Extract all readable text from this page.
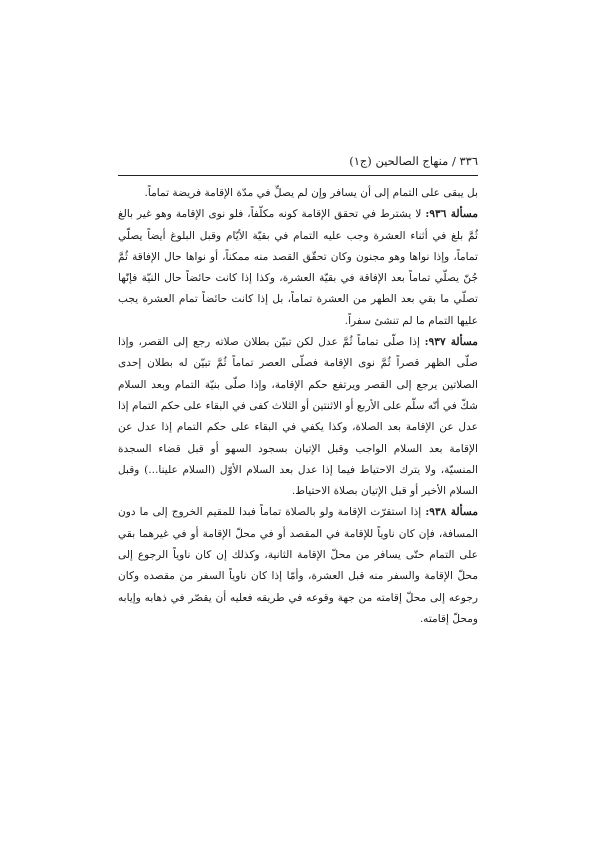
٣٣٦ / منهاج الصالحين (ج١)

بل يبقى على التمام إلى أن يسافر وإن لم يصلِّ في مدّة الإقامة فريضة تماماً.

مسألة ٩٣٦: لا يشترط في تحقق الإقامة كونه مكلّفاً، فلو نوى الإقامة وهو غير بالغ ثُمَّ بلغ في أثناء العشرة وجب عليه التمام في بقيّة الأيّام وقبل البلوغ أيضاً يصلّي تماماً، وإذا نواها وهو مجنون وكان تحقّق القصد منه ممكناً، أو نواها حال الإفاقة ثُمَّ جُنّ يصلّي تماماً بعد الإفاقة في بقيّة العشرة، وكذا إذا كانت حائضاً حال النيّة فإنّها تصلّي ما بقي بعد الطهر من العشرة تماماً، بل إذا كانت حائضاً تمام العشرة يجب عليها التمام ما لم تنشئ سفراً.

مسألة ٩٣٧: إذا صلّى تماماً ثُمَّ عدل لكن تبيّن بطلان صلاته رجع إلى القصر، وإذا صلّى الظهر قصراً ثُمَّ نوى الإقامة فصلّى العصر تماماً ثُمَّ تبيّن له بطلان إحدى الصلاتين يرجع إلى القصر ويرتفع حكم الإقامة، وإذا صلّى بنيّة التمام وبعد السلام شكّ في أنّه سلّم على الأربع أو الاثنتين أو الثلاث كفى في البقاء على حكم التمام إذا عدل عن الإقامة بعد الصلاة، وكذا يكفي في البقاء على حكم التمام إذا عدل عن الإقامة بعد السلام الواجب وقبل الإتيان بسجود السهو أو قبل قضاء السجدة المنسيّة، ولا يترك الاحتياط فيما إذا عدل بعد السلام الأوّل (السلام علينا...) وقبل السلام الأخير أو قبل الإتيان بصلاة الاحتياط.

مسألة ٩٣٨: إذا استقرّت الإقامة ولو بالصلاة تماماً فبدا للمقيم الخروج إلى ما دون المسافة، فإن كان ناوياً للإقامة في المقصد أو في محلّ الإقامة أو في غيرهما بقي على التمام حتّى يسافر من محلّ الإقامة الثانية، وكذلك إن كان ناوياً الرجوع إلى محلّ الإقامة والسفر منه قبل العشرة، وأمّا إذا كان ناوياً السفر من مقصده وكان رجوعه إلى محلّ إقامته من جهة وقوعه في طريقه فعليه أن يقصّر في ذهابه وإيابه ومحلّ إقامته.
